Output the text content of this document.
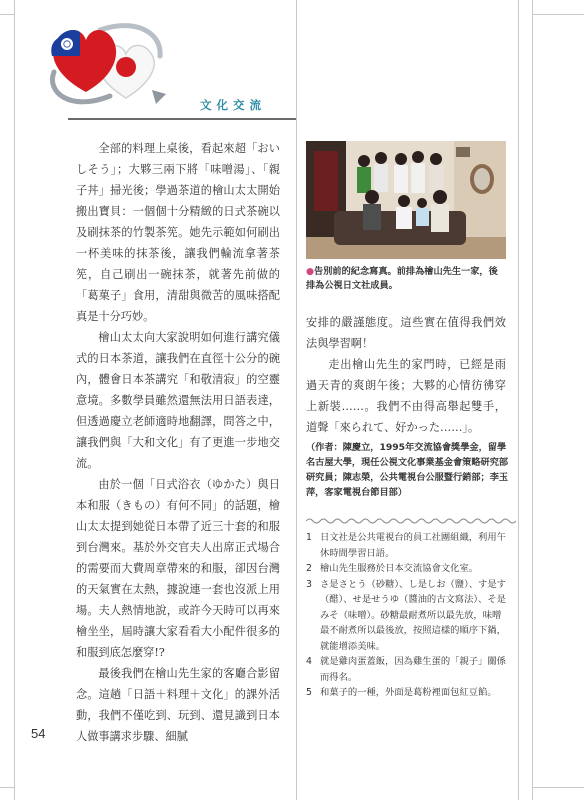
文化交流

全部的料理上桌後，看起來超「おいしそう」；大夥三兩下將「味噌湯」、「親子丼」掃光後；學過茶道的檜山太太開始搬出寶貝：一個個十分精緻的日式茶碗以及刷抹茶的竹製茶筅。她先示範如何刷出一杯美味的抹茶後，讓我們輪流拿著茶筅，自己刷出一碗抹茶，就著先前做的「葛菓子」食用，清甜與微苦的風味搭配真是十分巧妙。

檜山太太向大家說明如何進行講究儀式的日本茶道，讓我們在直徑十公分的碗內，體會日本茶講究「和敬清寂」的空靈意境。多數學員雖然還無法用日語表達，但透過慶立老師適時地翻譯，問答之中，讓我們與「大和文化」有了更進一步地交流。

由於一個「日式浴衣（ゆかた）與日本和服（きもの）有何不同」的話題，檜山太太提到她從日本帶了近三十套的和服到台灣來。基於外交官夫人出席正式場合的需要而大費周章帶來的和服，卻因台灣的天氣實在太熱，據說連一套也沒派上用場。夫人熱情地說，或許今天時可以再來檜坐坐，屆時讓大家看看大小配件很多的和服到底怎麼穿!?

最後我們在檜山先生家的客廳合影留念。這趟「日語＋料理＋文化」的課外活動，我們不僅吃到、玩到、還見識到日本人做事講求步驟、細膩

●告別前的紀念寫真。前排為檜山先生一家，後排為公視日文社成員。

安排的嚴謹態度。這些實在值得我們效法與學習啊！

走出檜山先生的家門時，已經是雨過天青的爽朗午後；大夥的心情彷彿穿上新裝……。我們不由得高舉起雙手，道聲「來られて、好かった……」。

（作者：陳慶立，1995年交流協會獎學金，留學名古屋大學，現任公視文化事業基金會策略研究部研究員；陳志榮，公共電視台公服暨行銷部；李玉萍，客家電視台節目部）
1 日文社是公共電視台的員工社團組織，利用午休時間學習日語。
2 檜山先生服務於日本交流協會文化室。
3 さ是さとう（砂糖）、し是しお（鹽）、す是す（醋）、せ是せうゆ（醬油的古文寫法）、そ是みそ（味噌）。砂糖最耐煮所以最先放，味噌最不耐煮所以最後放，按照這樣的順序下鍋，就能增添美味。
4 就是雞肉蛋蓋飯，因為雞生蛋的「親子」關係而得名。
5 和菓子的一種，外面是葛粉裡面包紅豆餡。
54
